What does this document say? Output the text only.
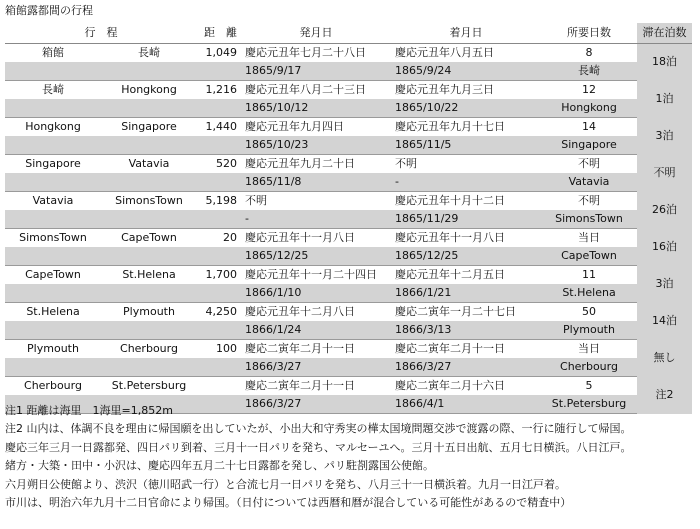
箱館露都間の行程
行　程		距　離	発月日	着月日	所要日数	滞在泊数
箱館	長崎	1,049	慶応元丑年七月二十八日	慶応元丑年八月五日	8	18泊
			1865/9/17	1865/9/24	長崎	
長崎	Hongkong	1,216	慶応元丑年八月二十三日	慶応元丑年九月三日	12	1泊
			1865/10/12	1865/10/22	Hongkong	
Hongkong	Singapore	1,440	慶応元丑年九月四日	慶応元丑年九月十七日	14	3泊
			1865/10/23	1865/11/5	Singapore	
Singapore	Vatavia	520	慶応元丑年九月二十日	不明	不明	不明
			1865/11/8	-	Vatavia	
Vatavia	SimonsTown	5,198	不明	慶応元丑年十月十二日	不明	26泊
			-	1865/11/29	SimonsTown	
SimonsTown	CapeTown	20	慶応元丑年十一月八日	慶応元丑年十一月八日	当日	16泊
			1865/12/25	1865/12/25	CapeTown	
CapeTown	St.Helena	1,700	慶応元丑年十一月二十四日	慶応元丑年十二月五日	11	3泊
			1866/1/10	1866/1/21	St.Helena	
St.Helena	Plymouth	4,250	慶応元丑年十二月八日	慶応二寅年一月二十七日	50	14泊
			1866/1/24	1866/3/13	Plymouth	
Plymouth	Cherbourg	100	慶応二寅年二月十一日	慶応二寅年二月十一日	当日	無し
			1866/3/27	1866/3/27	Cherbourg	
Cherbourg	St.Petersburg		慶応二寅年二月十一日	慶応二寅年二月十六日	5	注2
			1866/3/27	1866/4/1	St.Petersburg	
注1 距離は海里　1海里=1,852m
注2 山内は、体調不良を理由に帰国願を出していたが、小出大和守秀実の樺太国境問題交渉で渡露の際、一行に随行して帰国。
慶応三年三月一日露都発、四日パリ到着、三月十一日パリを発ち、マルセーユへ。三月十五日出航、五月七日横浜。八日江戸。
緒方・大築・田中・小沢は、慶応四年五月二十七日露都を発し、パリ駐剳露国公使館。
六月朔日公使館より、渋沢（徳川昭武一行）と合流七月一日パリを発ち、八月三十一日横浜着。九月一日江戸着。
市川は、明治六年九月十二日官命により帰国。（日付については西暦和暦が混合している可能性があるので精査中）
